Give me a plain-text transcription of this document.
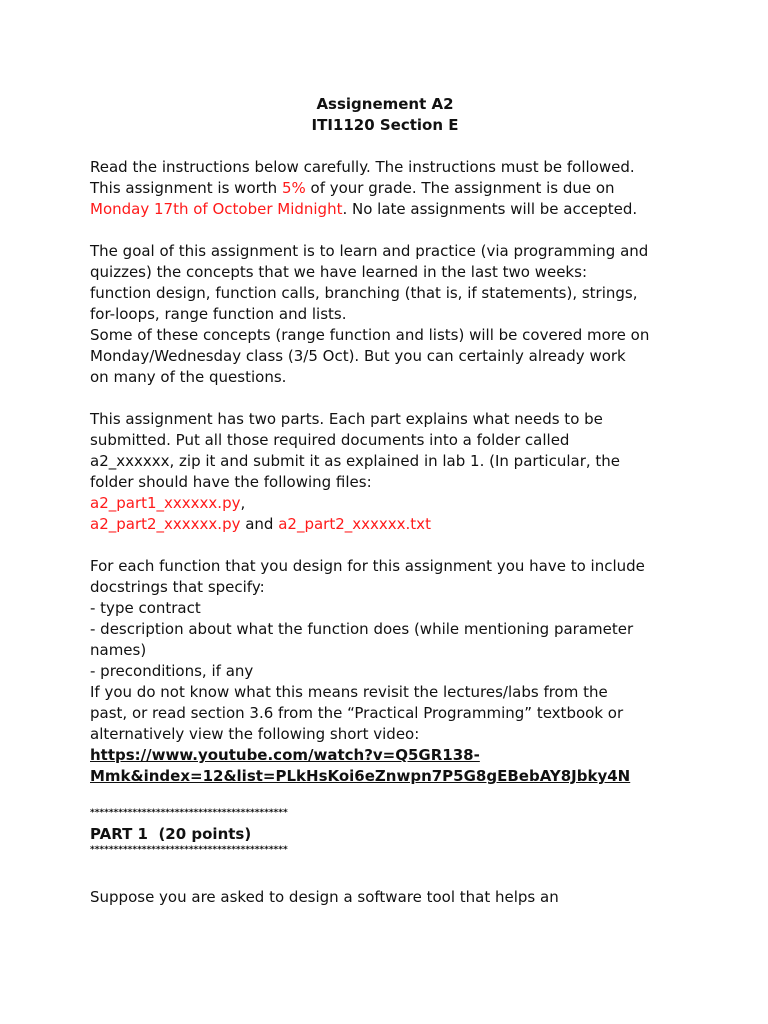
Assignement A2
ITI1120 Section E

Read the instructions below carefully. The instructions must be followed.

This assignment is worth 5% of your grade. The assignment is due on

Monday 17th of October Midnight. No late assignments will be accepted.

The goal of this assignment is to learn and practice (via programming and

quizzes) the concepts that we have learned in the last two weeks:

function design, function calls, branching (that is, if statements), strings,

for-loops, range function and lists.

Some of these concepts (range function and lists) will be covered more on

Monday/Wednesday class (3/5 Oct). But you can certainly already work

on many of the questions.

This assignment has two parts. Each part explains what needs to be

submitted. Put all those required documents into a folder called

a2_xxxxxx, zip it and submit it as explained in lab 1. (In particular, the

folder should have the following files:

a2_part1_xxxxxx.py,

a2_part2_xxxxxx.py and a2_part2_xxxxxx.txt

For each function that you design for this assignment you have to include

docstrings that specify:

- type contract

- description about what the function does (while mentioning parameter

names)

- preconditions, if any

If you do not know what this means revisit the lectures/labs from the

past, or read section 3.6 from the “Practical Programming” textbook or

alternatively view the following short video:

https://www.youtube.com/watch?v=Q5GR138-

Mmk&index=12&list=PLkHsKoi6eZnwpn7P5G8gEBebAY8Jbky4N

******************************************
PART 1  (20 points)
******************************************

Suppose you are asked to design a software tool that helps an
